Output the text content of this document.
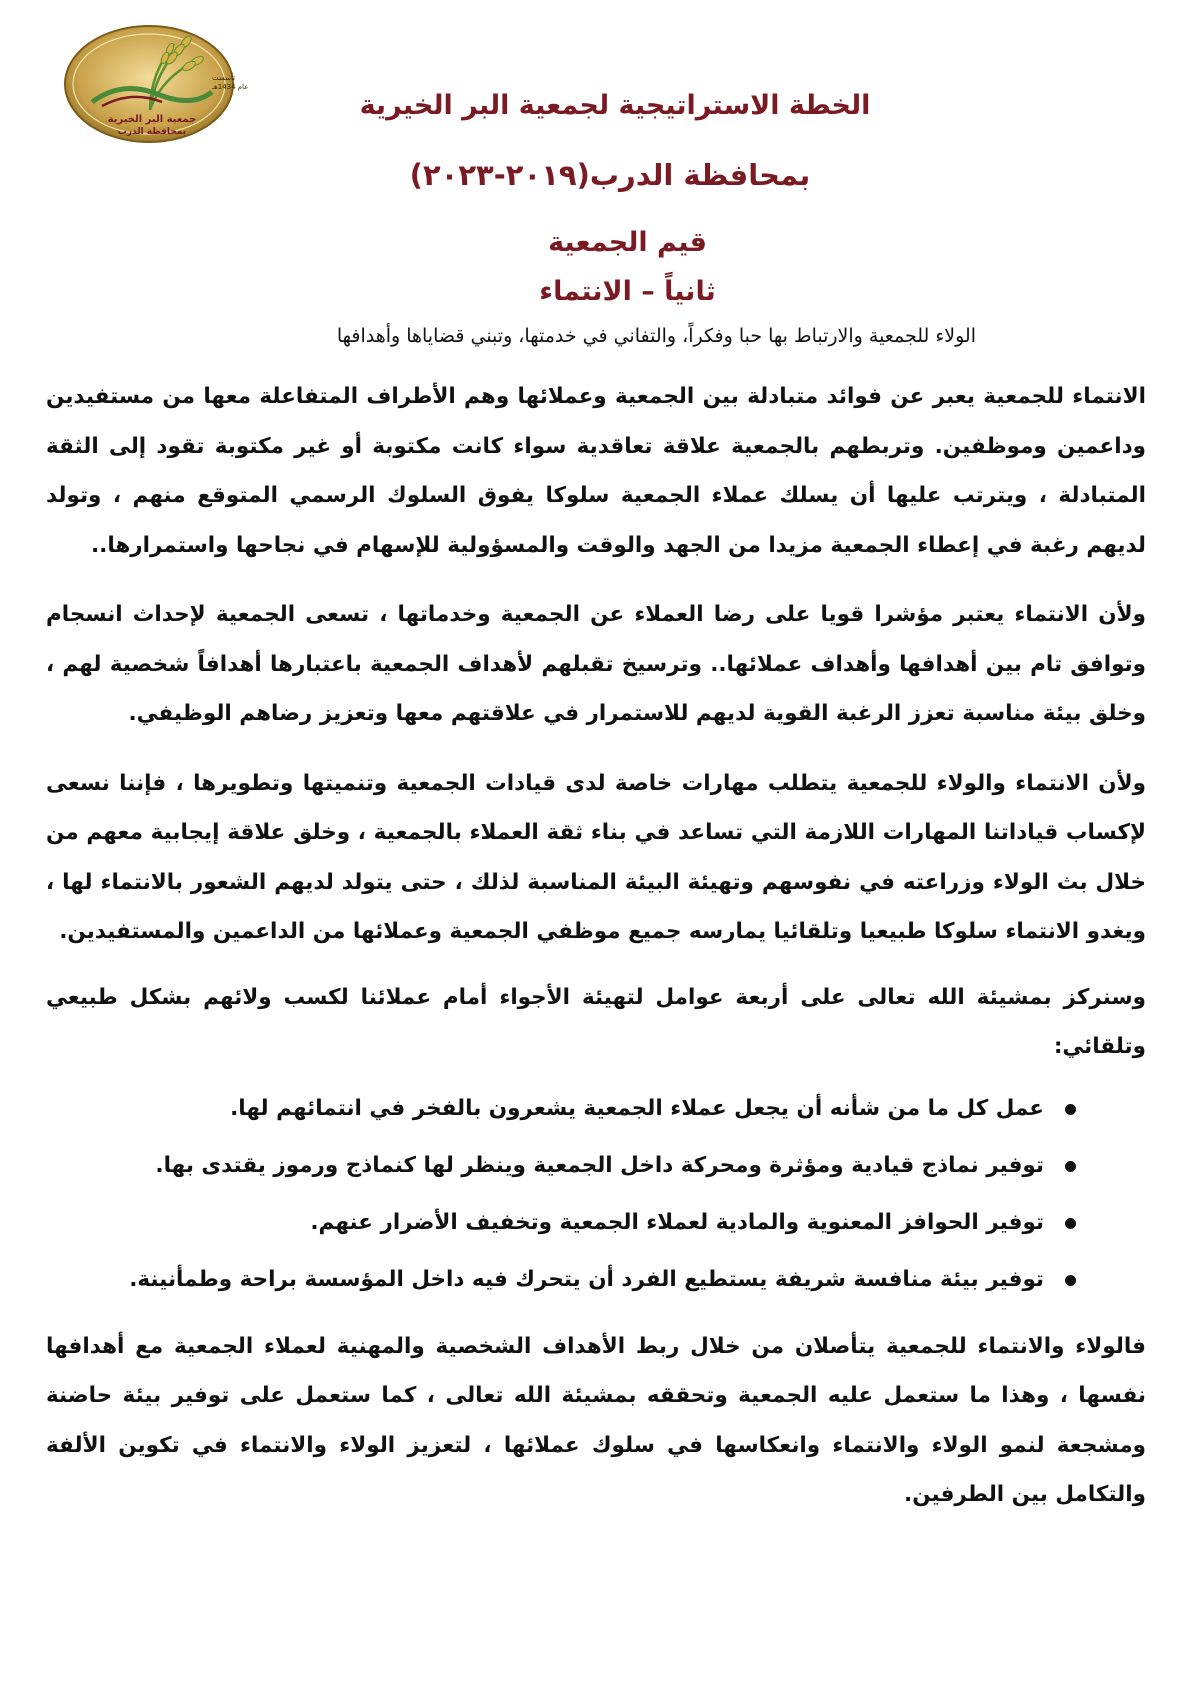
تأسست
عام 1434هـ
جمعية البر الخيرية
بمحافظة الدرب
الخطة الاستراتيجية لجمعية البر الخيرية
بمحافظة الدرب(٢٠١٩-٢٠٢٣)
قيم الجمعية
ثانياً – الانتماء
الولاء للجمعية والارتباط بها حبا وفكراً، والتفاني في خدمتها، وتبني قضاياها وأهدافها

الانتماء للجمعية يعبر عن فوائد متبادلة بين الجمعية وعملائها وهم الأطراف المتفاعلة معها من مستفيدين وداعمين وموظفين. وتربطهم بالجمعية علاقة تعاقدية سواء كانت مكتوبة أو غير مكتوبة تقود إلى الثقة المتبادلة ، ويترتب عليها أن يسلك عملاء الجمعية سلوكا يفوق السلوك الرسمي المتوقع منهم ، وتولد لديهم رغبة في إعطاء الجمعية مزيدا من الجهد والوقت والمسؤولية للإسهام في نجاحها واستمرارها..

ولأن الانتماء يعتبر مؤشرا قويا على رضا العملاء عن الجمعية وخدماتها ، تسعى الجمعية لإحداث انسجام وتوافق تام بين أهدافها وأهداف عملائها.. وترسيخ تقبلهم لأهداف الجمعية باعتبارها أهدافاً شخصية لهم ، وخلق بيئة مناسبة تعزز الرغبة القوية لديهم للاستمرار في علاقتهم معها وتعزيز رضاهم الوظيفي.

ولأن الانتماء والولاء للجمعية يتطلب مهارات خاصة لدى قيادات الجمعية وتنميتها وتطويرها ، فإننا نسعى لإكساب قياداتنا المهارات اللازمة التي تساعد في بناء ثقة العملاء بالجمعية ، وخلق علاقة إيجابية معهم من خلال بث الولاء وزراعته في نفوسهم وتهيئة البيئة المناسبة لذلك ، حتى يتولد لديهم الشعور بالانتماء لها ، ويغدو الانتماء سلوكا طبيعيا وتلقائيا يمارسه جميع موظفي الجمعية وعملائها من الداعمين والمستفيدين.

وسنركز بمشيئة الله تعالى على أربعة عوامل لتهيئة الأجواء أمام عملائنا لكسب ولائهم بشكل طبيعي وتلقائي:

عمل كل ما من شأنه أن يجعل عملاء الجمعية يشعرون بالفخر في انتمائهم لها.
توفير نماذج قيادية ومؤثرة ومحركة داخل الجمعية وينظر لها كنماذج ورموز يقتدى بها.
توفير الحوافز المعنوية والمادية لعملاء الجمعية وتخفيف الأضرار عنهم.
توفير بيئة منافسة شريفة يستطيع الفرد أن يتحرك فيه داخل المؤسسة براحة وطمأنينة.

فالولاء والانتماء للجمعية يتأصلان من خلال ربط الأهداف الشخصية والمهنية لعملاء الجمعية مع أهدافها نفسها ، وهذا ما ستعمل عليه الجمعية وتحققه بمشيئة الله تعالى ، كما ستعمل على توفير بيئة حاضنة ومشجعة لنمو الولاء والانتماء وانعكاسها في سلوك عملائها ، لتعزيز الولاء والانتماء في تكوين الألفة والتكامل بين الطرفين.
